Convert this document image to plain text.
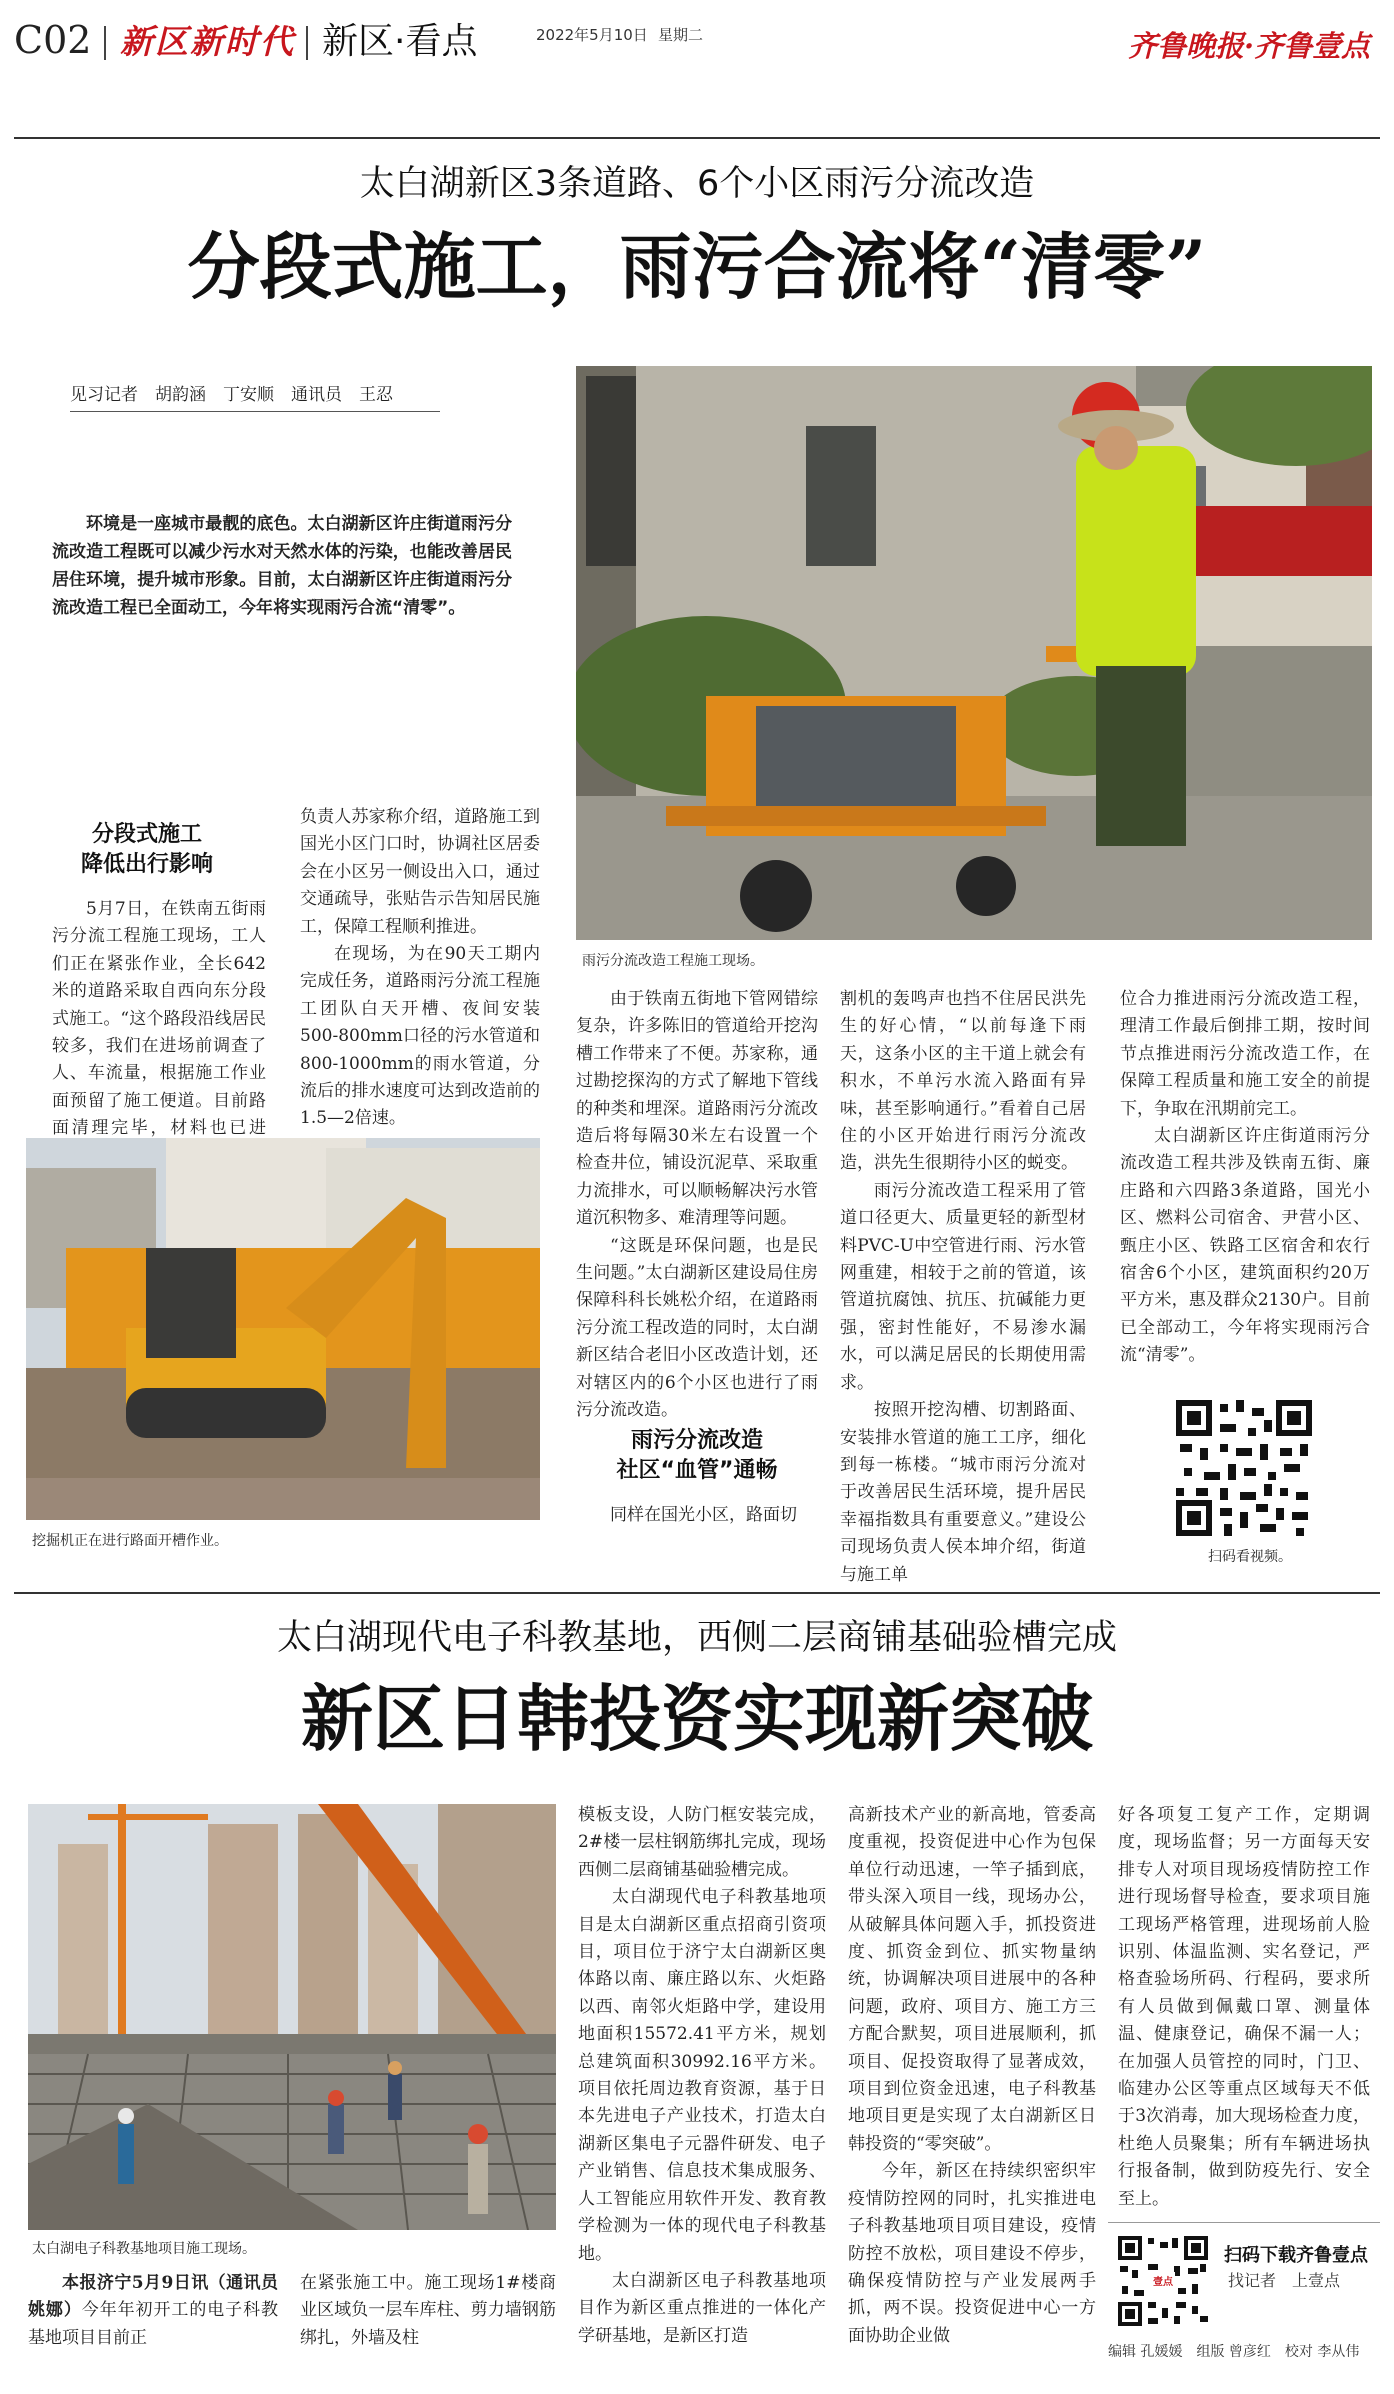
C02 新区新时代 新区·看点	2022年5月10日 星期二	齐鲁晚报·齐鲁壹点
太白湖新区3条道路、6个小区雨污分流改造
分段式施工，雨污合流将“清零”
见习记者　胡韵涵　丁安顺　通讯员　王忍
环境是一座城市最靓的底色。太白湖新区许庄街道雨污分流改造工程既可以减少污水对天然水体的污染，也能改善居民居住环境，提升城市形象。目前，太白湖新区许庄街道雨污分流改造工程已全面动工，今年将实现雨污合流“清零”。
雨污分流改造工程施工现场。
分段式施工
降低出行影响

5月7日，在铁南五街雨污分流工程施工现场，工人们正在紧张作业，全长642米的道路采取自西向东分段式施工。“这个路段沿线居民较多，我们在进场前调查了人、车流量，根据施工作业面预留了施工便道。目前路面清理完毕，材料也已进

负责人苏家称介绍，道路施工到国光小区门口时，协调社区居委会在小区另一侧设出入口，通过交通疏导，张贴告示告知居民施工，保障工程顺利推进。

在现场，为在90天工期内完成任务，道路雨污分流工程施工团队白天开槽、夜间安装500-800mm口径的污水管道和800-1000mm的雨水管道，分流后的排水速度可达到改造前的1.5—2倍速。

挖掘机正在进行路面开槽作业。

由于铁南五街地下管网错综复杂，许多陈旧的管道给开挖沟槽工作带来了不便。苏家称，通过勘挖探沟的方式了解地下管线的种类和埋深。道路雨污分流改造后将每隔30米左右设置一个检查井位，铺设沉泥草、采取重力流排水，可以顺畅解决污水管道沉积物多、难清理等问题。

“这既是环保问题，也是民生问题。”太白湖新区建设局住房保障科科长姚松介绍，在道路雨污分流工程改造的同时，太白湖新区结合老旧小区改造计划，还对辖区内的6个小区也进行了雨污分流改造。

雨污分流改造
社区“血管”通畅

同样在国光小区，路面切

割机的轰鸣声也挡不住居民洪先生的好心情，“以前每逢下雨天，这条小区的主干道上就会有积水，不单污水流入路面有异味，甚至影响通行。”看着自己居住的小区开始进行雨污分流改造，洪先生很期待小区的蜕变。

雨污分流改造工程采用了管道口径更大、质量更轻的新型材料PVC-U中空管进行雨、污水管网重建，相较于之前的管道，该管道抗腐蚀、抗压、抗碱能力更强，密封性能好，不易渗水漏水，可以满足居民的长期使用需求。

按照开挖沟槽、切割路面、安装排水管道的施工工序，细化到每一栋楼。“城市雨污分流对于改善居民生活环境，提升居民幸福指数具有重要意义。”建设公司现场负责人侯本坤介绍，街道与施工单

位合力推进雨污分流改造工程，理清工作最后倒排工期，按时间节点推进雨污分流改造工作，在保障工程质量和施工安全的前提下，争取在汛期前完工。

太白湖新区许庄街道雨污分流改造工程共涉及铁南五街、廉庄路和六四路3条道路，国光小区、燃料公司宿舍、尹营小区、甄庄小区、铁路工区宿舍和农行宿舍6个小区，建筑面积约20万平方米，惠及群众2130户。目前已全部动工，今年将实现雨污合流“清零”。

扫码看视频。
太白湖现代电子科教基地，西侧二层商铺基础验槽完成
新区日韩投资实现新突破
太白湖电子科教基地项目施工现场。

本报济宁5月9日讯（通讯员　姚娜）今年年初开工的电子科教基地项目目前正

在紧张施工中。施工现场1#楼商业区域负一层车库柱、剪力墙钢筋绑扎，外墙及柱

模板支设，人防门框安装完成，2#楼一层柱钢筋绑扎完成，现场西侧二层商铺基础验槽完成。

太白湖现代电子科教基地项目是太白湖新区重点招商引资项目，项目位于济宁太白湖新区奥体路以南、廉庄路以东、火炬路以西、南邻火炬路中学，建设用地面积15572.41平方米，规划总建筑面积30992.16平方米。项目依托周边教育资源，基于日本先进电子产业技术，打造太白湖新区集电子元器件研发、电子产业销售、信息技术集成服务、人工智能应用软件开发、教育教学检测为一体的现代电子科教基地。

太白湖新区电子科教基地项目作为新区重点推进的一体化产学研基地，是新区打造

高新技术产业的新高地，管委高度重视，投资促进中心作为包保单位行动迅速，一竿子插到底，带头深入项目一线，现场办公，从破解具体问题入手，抓投资进度、抓资金到位、抓实物量纳统，协调解决项目进展中的各种问题，政府、项目方、施工方三方配合默契，项目进展顺利，抓项目、促投资取得了显著成效，项目到位资金迅速，电子科教基地项目更是实现了太白湖新区日韩投资的“零突破”。

今年，新区在持续织密织牢疫情防控网的同时，扎实推进电子科教基地项目项目建设，疫情防控不放松，项目建设不停步，确保疫情防控与产业发展两手抓，两不误。投资促进中心一方面协助企业做

好各项复工复产工作，定期调度，现场监督；另一方面每天安排专人对项目现场疫情防控工作进行现场督导检查，要求项目施工现场严格管理，进现场前人脸识别、体温监测、实名登记，严格查验场所码、行程码，要求所有人员做到佩戴口罩、测量体温、健康登记，确保不漏一人；在加强人员管控的同时，门卫、临建办公区等重点区域每天不低于3次消毒，加大现场检查力度，杜绝人员聚集；所有车辆进场执行报备制，做到防疫先行、安全至上。

壹点
扫码下载齐鲁壹点
找记者　上壹点
编辑 孔媛媛　组版 曾彦红　校对 李从伟
